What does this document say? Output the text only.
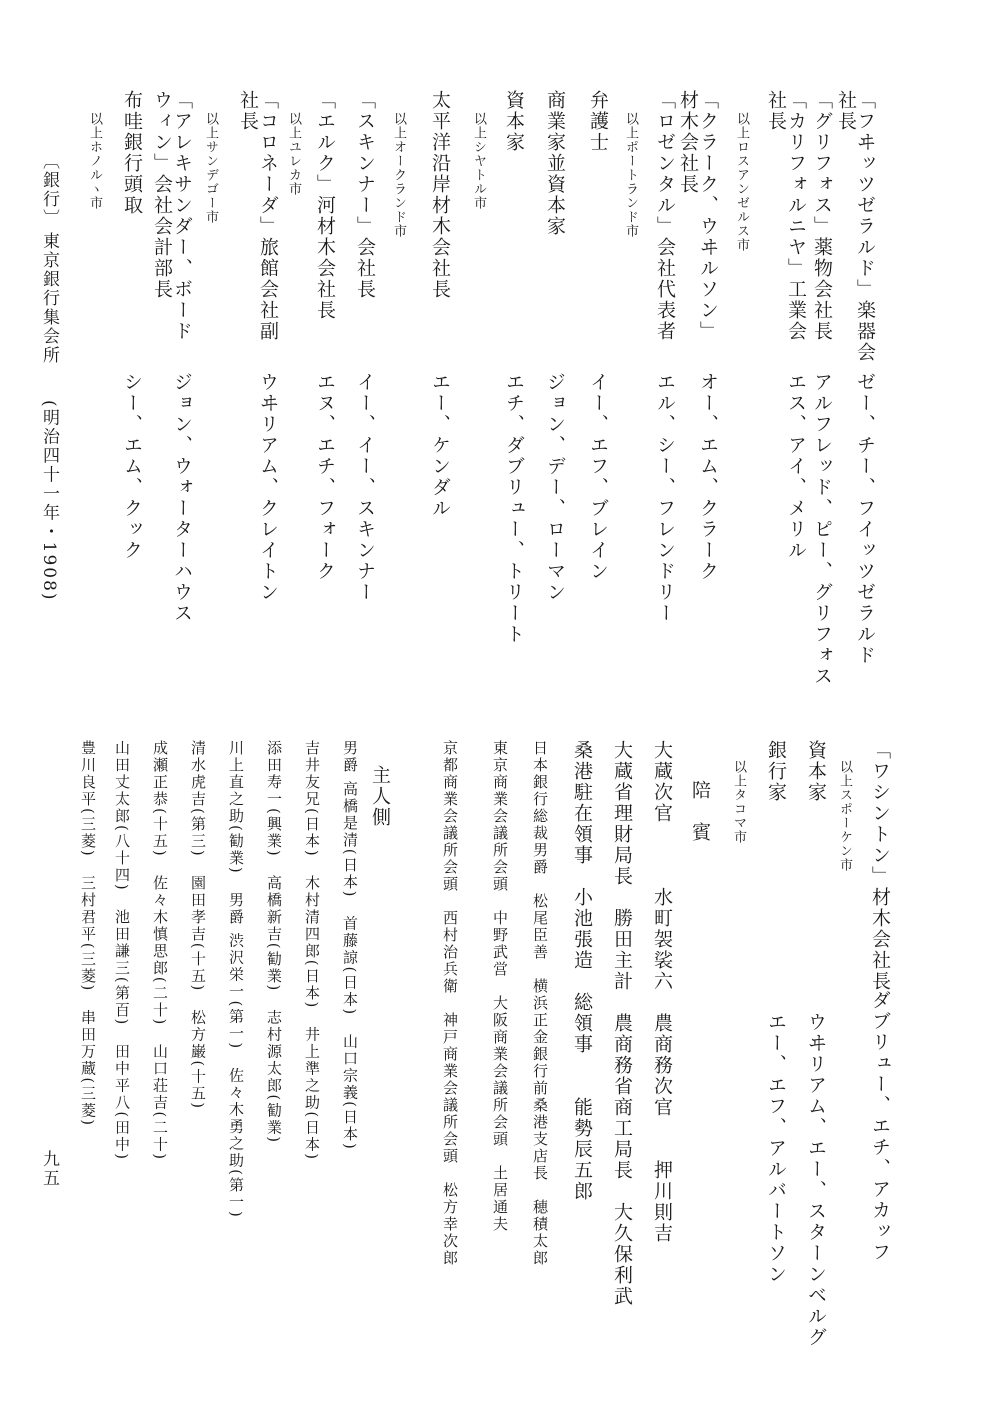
「フヰッツゼラルド」楽器会
ゼー、チー、フイッツゼラルド
社長
「グリフォス」薬物会社長
アルフレッド、ピー、グリフォス
「カリフォルニヤ」工業会
エス、アイ、メリル
社長
以上ロスアンゼルス市
「クラーク、ウヰルソン」
オー、エム、クラーク
材木会社長
「ロゼンタル」会社代表者
エル、シー、フレンドリー
以上ポートランド市
弁護士
イー、エフ、ブレイン
商業家並資本家
ジョン、デー、ローマン
資本家
エチ、ダブリュー、トリート
以上シヤトル市
太平洋沿岸材木会社長
エー、ケンダル
以上オークランド市
「スキンナー」会社長
イー、イー、スキンナー
「エルク」河材木会社長
エヌ、エチ、フォーク
以上ユレカ市
「コロネーダ」旅館会社副
ウヰリアム、クレイトン
社長
以上サンデゴー市
「アレキサンダー、ボード
ジョン、ウォーターハウス
ウィン」会社会計部長
布哇銀行頭取
シー、エム、クック
以上ホノルヽ市
〔銀行〕
東京銀行集会所
(明治四十一年・1908)
「ワシントン」材木会社長
ダブリュー、エチ、アカッフ
以上スポーケン市
資本家
ウヰリアム、エー、スターンベルグ
銀行家
エー、エフ、アルバートソン
以上タコマ市
陪　賓
大蔵次官　　　水町袈裟六　農商務次官　　押川則吉
大蔵省理財局長　勝田主計　農商務省商工局長　大久保利武
桑港駐在領事　小池張造　総領事　　能勢辰五郎
日本銀行総裁男爵　松尾臣善　横浜正金銀行前桑港支店長　穂積太郎
東京商業会議所会頭　中野武営　大阪商業会議所会頭　土居通夫
京都商業会議所会頭　西村治兵衛　神戸商業会議所会頭　松方幸次郎
主人側
男爵 高橋是清(日本)　首藤諒(日本)　山口宗義(日本)
吉井友兄(日本)　木村清四郎(日本)　井上準之助(日本)
添田寿一(興業)　高橋新吉(勧業)　志村源太郎(勧業)
川上直之助(勧業)　男爵 渋沢栄一(第一)　佐々木勇之助(第一)
清水虎吉(第三)　園田孝吉(十五)　松方巌(十五)
成瀬正恭(十五)　佐々木慎思郎(二十)　山口荘吉(二十)
山田丈太郎(八十四)　池田謙三(第百)　田中平八(田中)
豊川良平(三菱)　三村君平(三菱)　串田万蔵(三菱)
九五
